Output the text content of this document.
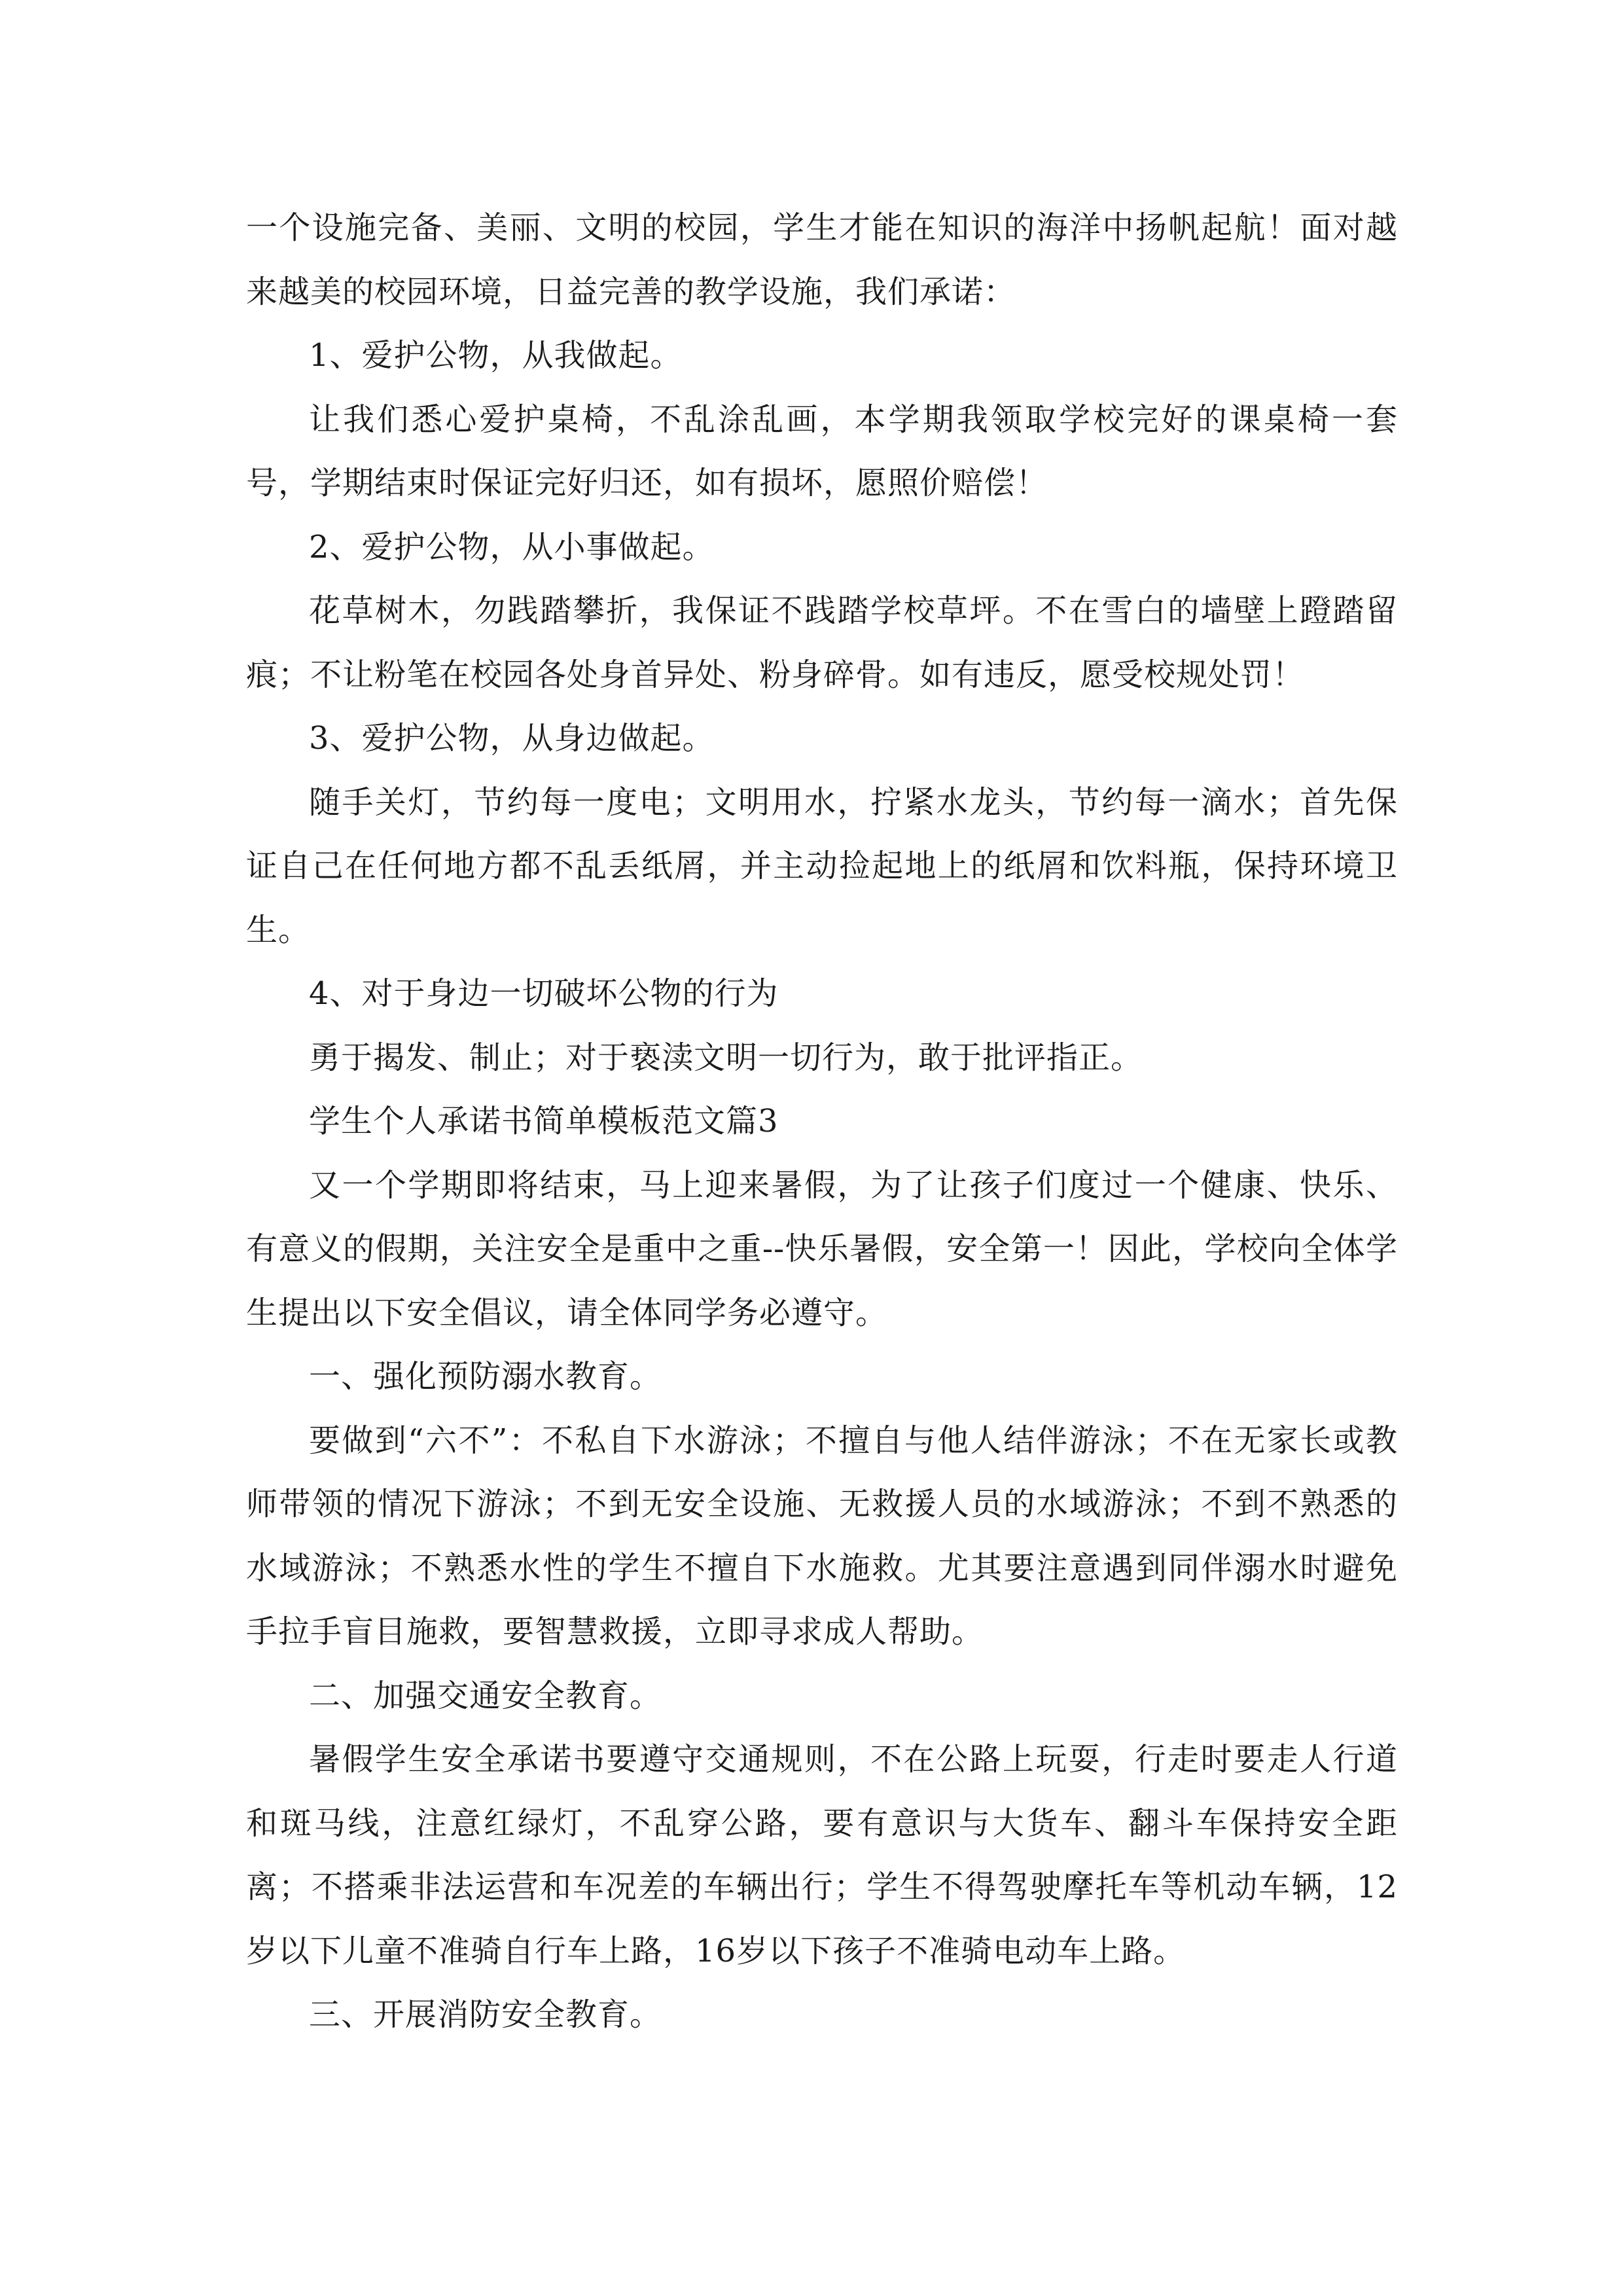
一个设施完备、美丽、文明的校园，学生才能在知识的海洋中扬帆起航！面对越来越美的校园环境，日益完善的教学设施，我们承诺：

1、爱护公物，从我做起。

让我们悉心爱护桌椅，不乱涂乱画，本学期我领取学校完好的课桌椅一套号，学期结束时保证完好归还，如有损坏，愿照价赔偿！

2、爱护公物，从小事做起。

花草树木，勿践踏攀折，我保证不践踏学校草坪。不在雪白的墙壁上蹬踏留痕；不让粉笔在校园各处身首异处、粉身碎骨。如有违反，愿受校规处罚！

3、爱护公物，从身边做起。

随手关灯，节约每一度电；文明用水，拧紧水龙头，节约每一滴水；首先保证自己在任何地方都不乱丢纸屑，并主动捡起地上的纸屑和饮料瓶，保持环境卫生。

4、对于身边一切破坏公物的行为

勇于揭发、制止；对于亵渎文明一切行为，敢于批评指正。

学生个人承诺书简单模板范文篇3

又一个学期即将结束，马上迎来暑假，为了让孩子们度过一个健康、快乐、有意义的假期，关注安全是重中之重--快乐暑假，安全第一！因此，学校向全体学生提出以下安全倡议，请全体同学务必遵守。

一、强化预防溺水教育。

要做到“六不”：不私自下水游泳；不擅自与他人结伴游泳；不在无家长或教师带领的情况下游泳；不到无安全设施、无救援人员的水域游泳；不到不熟悉的水域游泳；不熟悉水性的学生不擅自下水施救。尤其要注意遇到同伴溺水时避免手拉手盲目施救，要智慧救援，立即寻求成人帮助。

二、加强交通安全教育。

暑假学生安全承诺书要遵守交通规则，不在公路上玩耍，行走时要走人行道和斑马线，注意红绿灯，不乱穿公路，要有意识与大货车、翻斗车保持安全距离；不搭乘非法运营和车况差的车辆出行；学生不得驾驶摩托车等机动车辆，12岁以下儿童不准骑自行车上路，16岁以下孩子不准骑电动车上路。

三、开展消防安全教育。
